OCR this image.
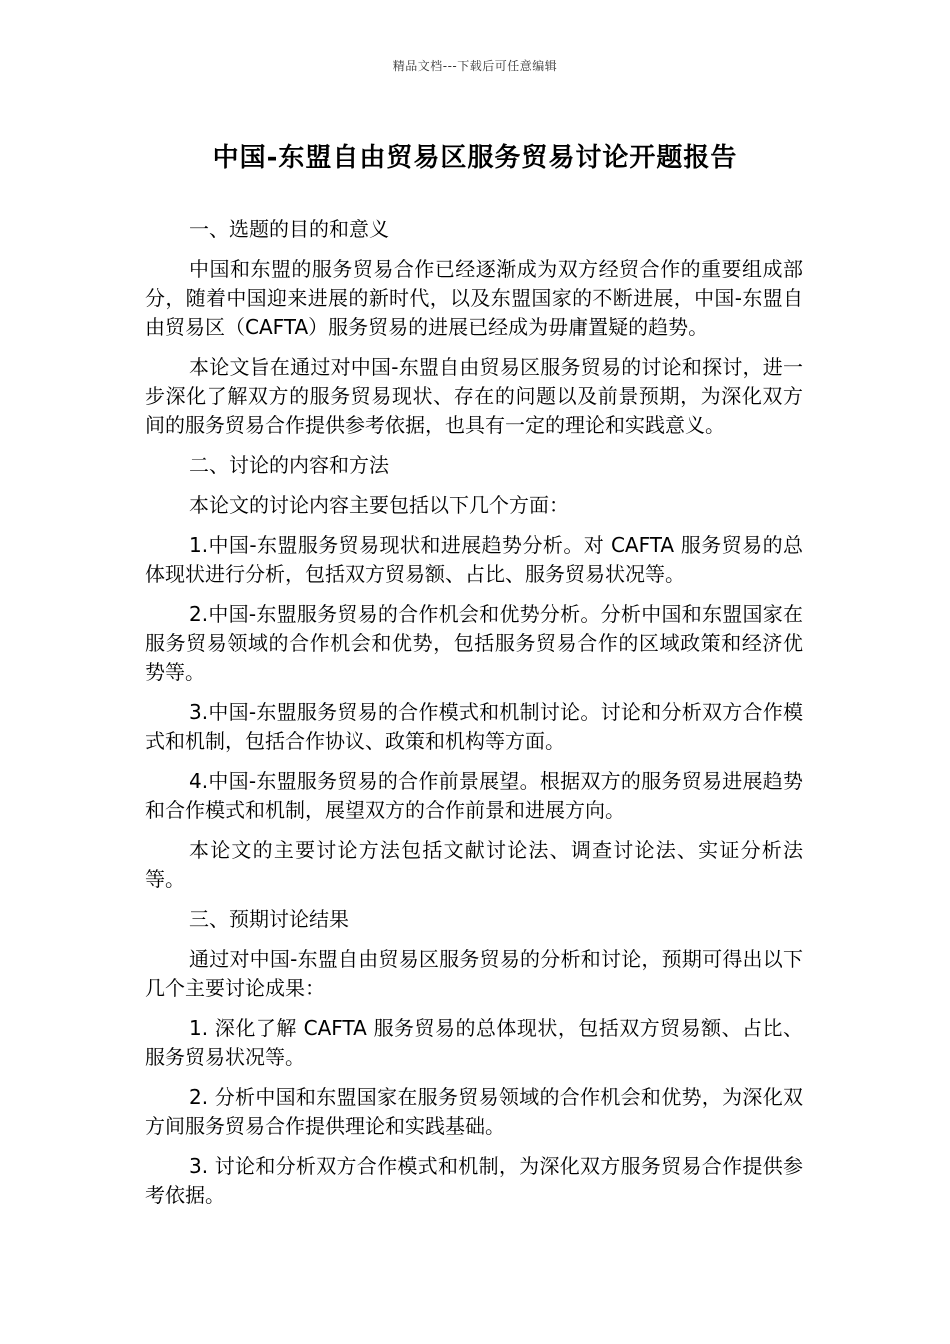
精品文档---下载后可任意编辑
中国-东盟自由贸易区服务贸易讨论开题报告

一、选题的目的和意义

中国和东盟的服务贸易合作已经逐渐成为双方经贸合作的重要组成部分，随着中国迎来进展的新时代，以及东盟国家的不断进展，中国-东盟自由贸易区（CAFTA）服务贸易的进展已经成为毋庸置疑的趋势。

本论文旨在通过对中国-东盟自由贸易区服务贸易的讨论和探讨，进一步深化了解双方的服务贸易现状、存在的问题以及前景预期，为深化双方间的服务贸易合作提供参考依据，也具有一定的理论和实践意义。

二、讨论的内容和方法

本论文的讨论内容主要包括以下几个方面：

1.中国-东盟服务贸易现状和进展趋势分析。对 CAFTA 服务贸易的总体现状进行分析，包括双方贸易额、占比、服务贸易状况等。

2.中国-东盟服务贸易的合作机会和优势分析。分析中国和东盟国家在服务贸易领域的合作机会和优势，包括服务贸易合作的区域政策和经济优势等。

3.中国-东盟服务贸易的合作模式和机制讨论。讨论和分析双方合作模式和机制，包括合作协议、政策和机构等方面。

4.中国-东盟服务贸易的合作前景展望。根据双方的服务贸易进展趋势和合作模式和机制，展望双方的合作前景和进展方向。

本论文的主要讨论方法包括文献讨论法、调查讨论法、实证分析法等。

三、预期讨论结果

通过对中国-东盟自由贸易区服务贸易的分析和讨论，预期可得出以下几个主要讨论成果：

1. 深化了解 CAFTA 服务贸易的总体现状，包括双方贸易额、占比、服务贸易状况等。

2. 分析中国和东盟国家在服务贸易领域的合作机会和优势，为深化双方间服务贸易合作提供理论和实践基础。

3. 讨论和分析双方合作模式和机制，为深化双方服务贸易合作提供参考依据。
